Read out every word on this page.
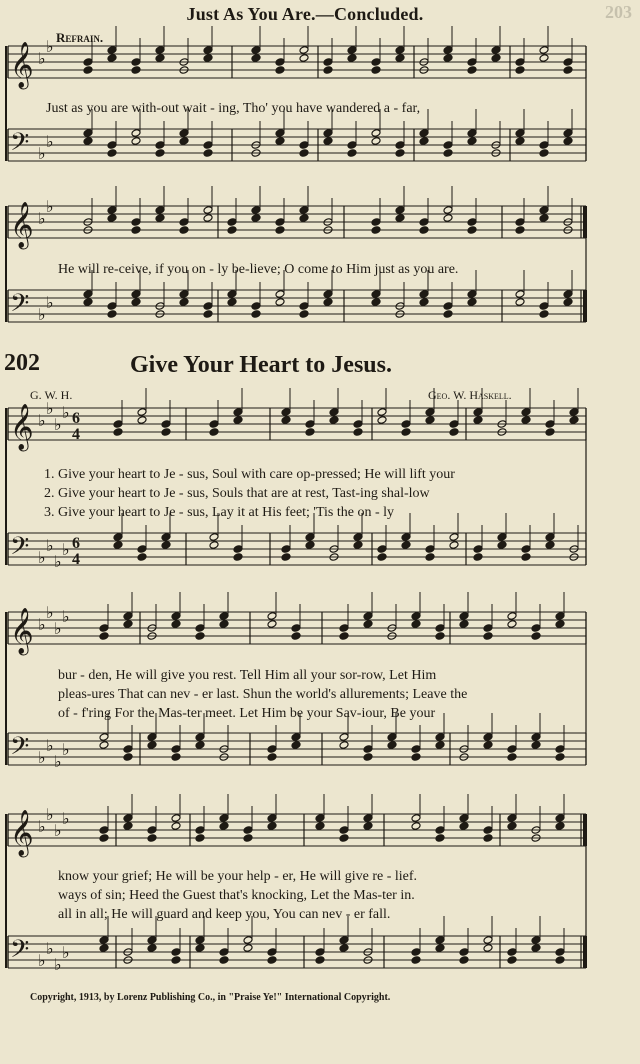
𝄞 ♭
♭
𝄢 ♭
♭
𝄞 ♭
♭
𝄢 ♭
♭
𝄞 ♭
♭
♭
♭ 6
4
𝄢 ♭
♭
♭
♭ 6
4
𝄞 ♭
♭
♭
♭
𝄢 ♭
♭
♭
♭
𝄞 ♭
♭
♭
♭
𝄢 ♭
♭
♭
♭
Just As You Are.—Concluded.	203
Refrain.
Just as you are with-out wait - ing, Tho' you have wandered a - far,
He will re-ceive, if you on - ly be-lieve; O come to Him just as you are.
202	Give Your Heart to Jesus.
G. W. H.	Geo. W. Haskell.
1. Give your heart to Je - sus, Soul with care op-pressed; He will lift your
2. Give your heart to Je - sus, Souls that are at rest, Tast-ing shal-low
3. Give your heart to Je - sus, Lay it at His feet; 'Tis the on - ly
bur - den, He will give you rest. Tell Him all your sor-row, Let Him
pleas-ures That can nev - er last. Shun the world's allurements; Leave the
of - f'ring For the Mas-ter meet. Let Him be your Sav-iour, Be your
know your grief; He will be your help - er, He will give re - lief.
ways of sin; Heed the Guest that's knocking, Let the Mas-ter in.
all in all; He will guard and keep you, You can nev - er fall.
Copyright, 1913, by Lorenz Publishing Co., in "Praise Ye!" International Copyright.
